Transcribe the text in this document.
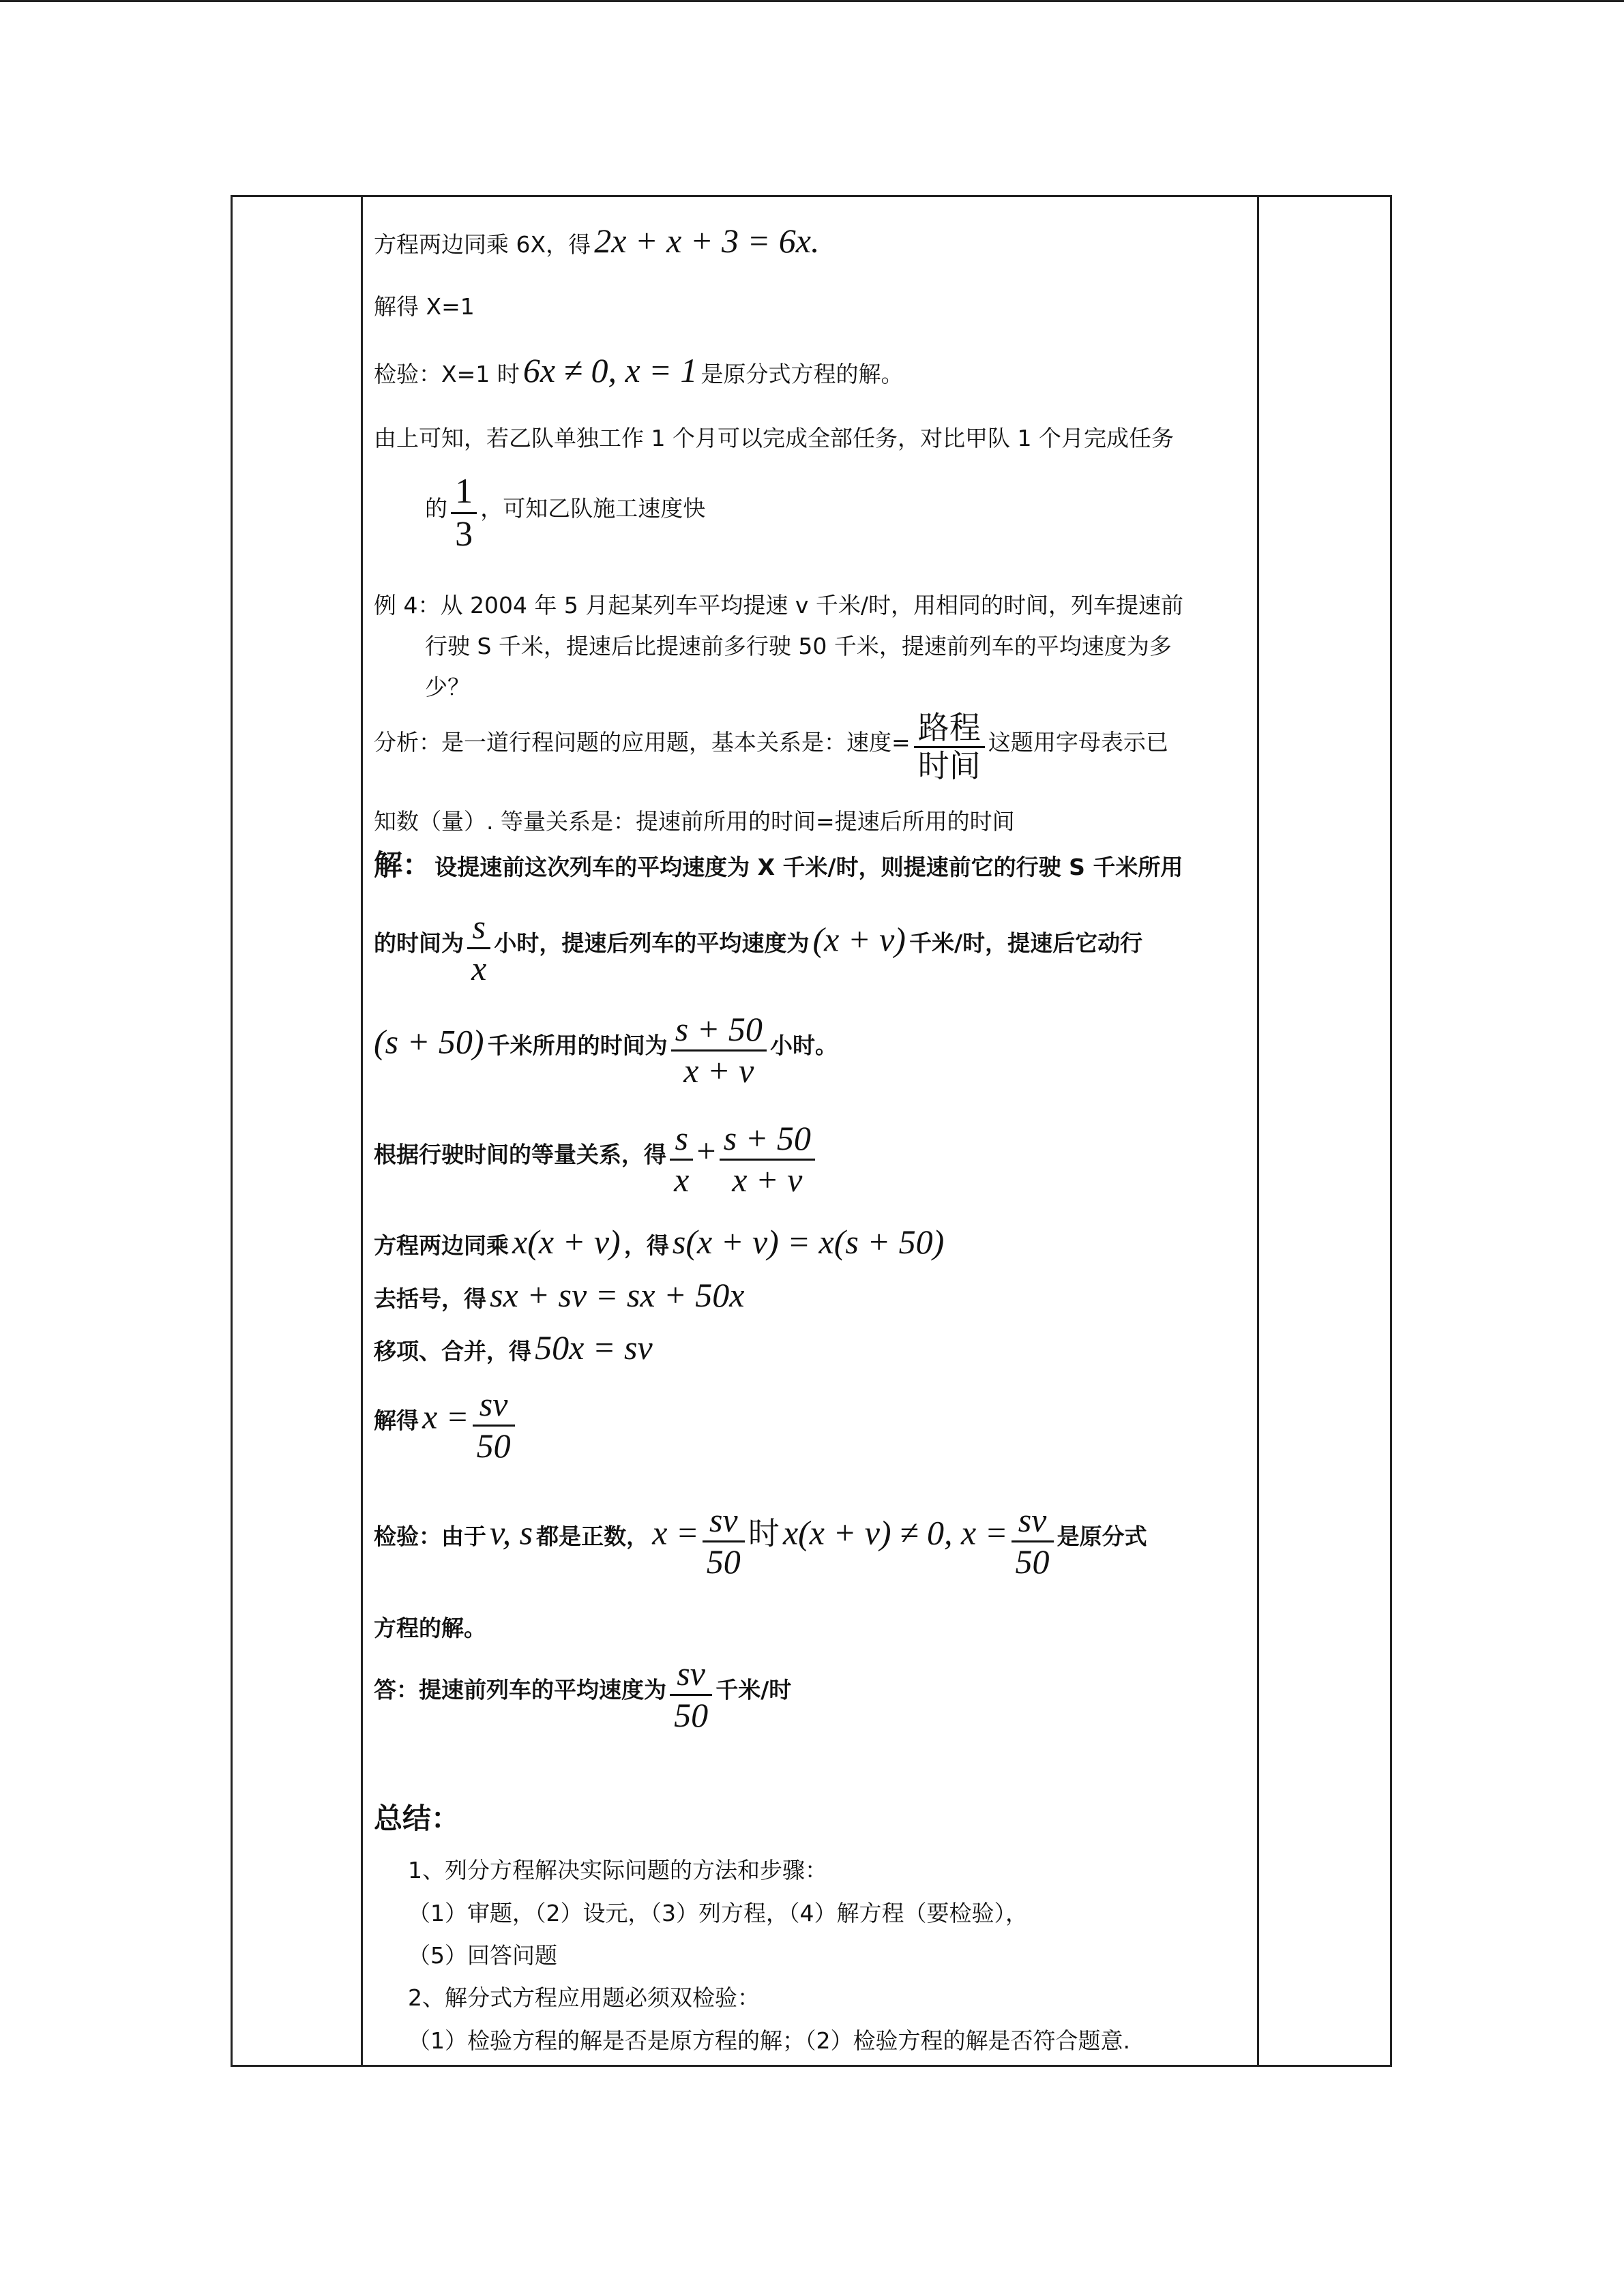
方程两边同乘 6X，得 2x + x + 3 = 6x.
解得 X=1
检验：X=1 时 6x ≠ 0, x = 1 是原分式方程的解。
由上可知，若乙队单独工作 1 个月可以完成全部任务，对比甲队 1 个月完成任务
的 $\frac{1}{3}$ ，可知乙队施工速度快
例 4：从 2004 年 5 月起某列车平均提速 v 千米/时，用相同的时间，列车提速前
行驶 S 千米，提速后比提速前多行驶 50 千米，提速前列车的平均速度为多
少？
分析：是一道行程问题的应用题，基本关系是：速度= $\frac{\text{路程}}{\text{时间}}$ 这题用字母表示已
知数（量）. 等量关系是：提速前所用的时间=提速后所用的时间
解： 设提速前这次列车的平均速度为 X 千米/时，则提速前它的行驶 S 千米所用
的时间为 $\frac{s}{x}$ 小时，提速后列车的平均速度为 (x + v) 千米/时，提速后它动行
(s + 50) 千米所用的时间为 $\frac{s + 50}{x + v}$ 小时。
根据行驶时间的等量关系，得 $\frac{s}{x} + \frac{s + 50}{x + v}$
方程两边同乘 x(x + v) ，得 s(x + v) = x(s + 50)
去括号，得 sx + sv = sx + 50x
移项、合并，得 50x = sv
解得 $x = \frac{sv}{50}$
检验：由于 v, s 都是正数， $x = \frac{sv}{50}$ 时 x(x + v) ≠ 0, $x = \frac{sv}{50}$ 是原分式
方程的解。
答：提速前列车的平均速度为 $\frac{sv}{50}$ 千米/时
总结：
1、列分方程解决实际问题的方法和步骤：
（1）审题，（2）设元，（3）列方程，（4）解方程（要检验），
（5）回答问题
2、解分式方程应用题必须双检验：
（1）检验方程的解是否是原方程的解；（2）检验方程的解是否符合题意.
